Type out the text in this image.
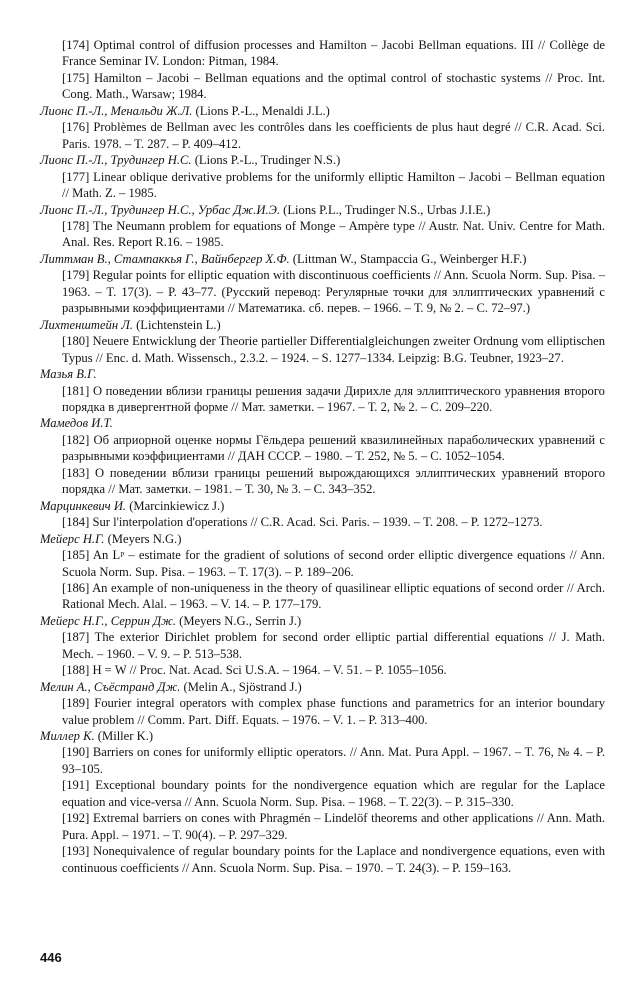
[174] Optimal control of diffusion processes and Hamilton – Jacobi Bellman equations. III // Collège de France Seminar IV. London: Pitman, 1984.
[175] Hamilton – Jacobi – Bellman equations and the optimal control of stochastic systems // Proc. Int. Cong. Math., Warsaw; 1984.
Лионс П.-Л., Менальди Ж.Л. (Lions P.-L., Menaldi J.L.)
[176] Problèmes de Bellman avec les contrôles dans les coefficients de plus haut degré // C.R. Acad. Sci. Paris. 1978. – T. 287. – P. 409–412.
Лионс П.-Л., Трудингер Н.С. (Lions P.-L., Trudinger N.S.)
[177] Linear oblique derivative problems for the uniformly elliptic Hamilton – Jacobi – Bellman equation // Math. Z. – 1985.
Лионс П.-Л., Трудингер Н.С., Урбас Дж.И.Э. (Lions P.L., Trudinger N.S., Urbas J.I.E.)
[178] The Neumann problem for equations of Monge – Ampère type // Austr. Nat. Univ. Centre for Math. Anal. Res. Report R.16. – 1985.
Литтман В., Стампаккья Г., Вайнбергер Х.Ф. (Littman W., Stampaccia G., Weinberger H.F.)
[179] Regular points for elliptic equation with discontinuous coefficients // Ann. Scuola Norm. Sup. Pisa. – 1963. – T. 17(3). – P. 43–77. (Русский перевод: Регулярные точки для эллиптических уравнений с разрывными коэффициентами // Математика. сб. перев. – 1966. – Т. 9, № 2. – С. 72–97.)
Лихтенштейн Л. (Lichtenstein L.)
[180] Neuere Entwicklung der Theorie partieller Differentialgleichungen zweiter Ordnung vom elliptischen Typus // Enc. d. Math. Wissensch., 2.3.2. – 1924. – S. 1277–1334. Leipzig: B.G. Teubner, 1923–27.
Мазья В.Г.
[181] О поведении вблизи границы решения задачи Дирихле для эллиптического уравнения второго порядка в дивергентной форме // Мат. заметки. – 1967. – Т. 2, № 2. – С. 209–220.
Мамедов И.Т.
[182] Об априорной оценке нормы Гёльдера решений квазилинейных параболических уравнений с разрывными коэффициентами // ДАН СССР. – 1980. – Т. 252, № 5. – С. 1052–1054.
[183] О поведении вблизи границы решений вырождающихся эллиптических уравнений второго порядка // Мат. заметки. – 1981. – Т. 30, № 3. – С. 343–352.
Марцинкевич И. (Marcinkiewicz J.)
[184] Sur l'interpolation d'operations // C.R. Acad. Sci. Paris. – 1939. – T. 208. – P. 1272–1273.
Мейерс Н.Г. (Meyers N.G.)
[185] An Lᵖ – estimate for the gradient of solutions of second order elliptic divergence equations // Ann. Scuola Norm. Sup. Pisa. – 1963. – T. 17(3). – P. 189–206.
[186] An example of non-uniqueness in the theory of quasilinear elliptic equations of second order // Arch. Rational Mech. Alal. – 1963. – V. 14. – P. 177–179.
Мейерс Н.Г., Серрин Дж. (Meyers N.G., Serrin J.)
[187] The exterior Dirichlet problem for second order elliptic partial differential equations // J. Math. Mech. – 1960. – V. 9. – P. 513–538.
[188] H = W // Proc. Nat. Acad. Sci U.S.A. – 1964. – V. 51. – P. 1055–1056.
Мелин А., Съёстранд Дж. (Melin A., Sjöstrand J.)
[189] Fourier integral operators with complex phase functions and parametrics for an interior boundary value problem // Comm. Part. Diff. Equats. – 1976. – V. 1. – P. 313–400.
Миллер К. (Miller K.)
[190] Barriers on cones for uniformly elliptic operators. // Ann. Mat. Pura Appl. – 1967. – T. 76, № 4. – P. 93–105.
[191] Exceptional boundary points for the nondivergence equation which are regular for the Laplace equation and vice-versa // Ann. Scuola Norm. Sup. Pisa. – 1968. – T. 22(3). – P. 315–330.
[192] Extremal barriers on cones with Phragmén – Lindelöf theorems and other applications // Ann. Math. Pura. Appl. – 1971. – T. 90(4). – P. 297–329.
[193] Nonequivalence of regular boundary points for the Laplace and nondivergence equations, even with continuous coefficients // Ann. Scuola Norm. Sup. Pisa. – 1970. – T. 24(3). – P. 159–163.
446
